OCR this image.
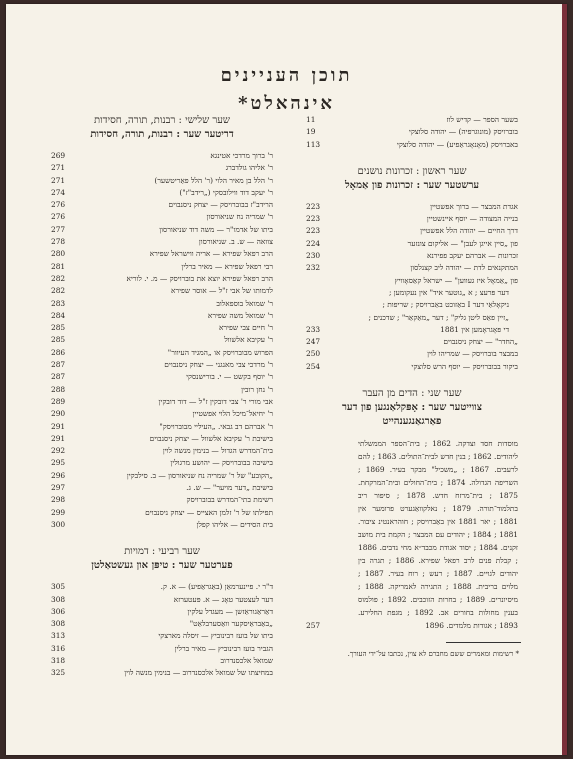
תוכן העניינים
אינהאלט*
בשער הספר — קדיש לוז
11
בוברויסק (מונוגרפיה) — יהודה סלוצקי
19
באברויסק (מאָנאָגראַפיע) — יהודה סלוצקי
113
שער ראשון : זכרונות נושנים
ערשטער שער : זכרונות פון אַמאָל
אגדת המבצר — ברוך אפשטיין
223
בנייה המצודה — יוסף איינשטיין
223
דרך החיים — יהודה הלל אפשטיין
223
פון „סיין אייגן לעבן" — אליקום צונזער
224
זכרונות — אברהם יעקב פפירנא
230
המתקנאים לדת — יהודה ליב קצנלסון
232
פון „אַמאָל איז געווען" — ישראל קאַסאָוויץ
דער פּרעצ ; א „גוטער איד" אין נעקומען ;
ניקאָלאַי דער I באַזוכט באַברויסק ; שריפות ;
„זיין פאַס ליטן גליק" ; דער „מאַקאַר" ; שדכנים ;
די פּאָגראָמען אין 1881
233
„החדר" — יצחק ניסנבוים
247
במבצר בוברויסק — שמריהו לוין
250
ביקור בבוברויסק — יוסף הרש סלוצקי
254
שער שני : הדים מן העבר
צווייטער שער : אָפּקלאַנגען פון דער
פאַרגאַנגענהייט
מוסדות חסד וצדקה. 1862 ; בית־הספר הממשלתי ליהודים. 1862 ; בנין חדש לבית־התולים. 1863 ; להם לרעבים. 1867 ; „משכיל" מבקר בעיר. 1869 ; השריפה הגדולה. 1874 ; בית־החולים ובית־המרקחת. 1875 ; בית־מרזח חדש. 1878 ; סיפור ריב בתלמוד־תורה. 1879 ; נאלקוואַגערט פרומער אין 1881 ; יאר 1881 אין באַברויסק ; חוהראנטינ ציבור. 1881 ; 1884 ; יהודים עם המבצר ; הקמת בית מושב זקנים. 1884 ; יסוד אגודת מכבד״א מחי נדבים. 1886 ; קבלת פנים לרב רפאל שפירא. 1886 ; תגרה בין יהודים לגויים. 1887 ; רעש ; רוח בעיר. 1887 ; מלוים בריבית. 1888 ; התגירה לאמריקה. 1888 ; מיסיונרים. 1889 ; בחרות הזוכבים. 1892 ; פולמוס בענין מחולות בחורים אב. 1892 ; מגפת החלירע. 1893 ; אגודות מלמדים. 1896
257
שער שלישי : רבנות, תורה, חסידות
דריטער שער : רבנות, תורה, חסידות
ר' ברוך מרדכי אטינגא
269
ר' אליהו גולדברג
271
ר' הלל בן מאיר הלוי (ר' הלל פאַריטשער)
271
ר' יעקב דוד ווילובסקי („רידב"ז")
274
הרידב"ז בבוברויסק — יצחק ניסנבוים
276
ר' שמריה נח שניאורסון
276
ביתו של אדמו"ר — משה דוד שניאורסון
277
צוואה — ש. ב. שניאורסון
278
הרב רפאל שפירא — אריה ווישראל שפירא
280
רבי רפאל שפירא — מאיר ברלין
281
הרב רפאל שפירא יוצא את בוברויסק — מ. י. לוריא
282
לדמותו של אבי ז"ל — אוסר שפירא
282
ר' שמואל בוספאלוב
283
ר' שמואל משה שפירא
284
ר' חיים צבי שפירא
285
ר' עקיבא אלשוול
285
הפרוש מבוברויסק או „המגיד העיוור"
286
ר' מרדכי צבי מאנגני — יצחק ניסנבוים
287
ר' יוסף בקשט — י. בורישנסקי
287
ר' נחן רובין
288
אבי מורי ר' צבי דובקין ז"ל — דוד דובקין
289
ר' יחיאל־מיכל הלוי אפשטיין
290
ר' אברהם דב גבאי. „העיליי מבוברויסק"
291
בישיבת ר' עקיבא אלשוול — יצחק ניסנבוים
291
בית־המדרש הגדול — בנימין מנשה לוין
292
בישיבה בבוברויסק — יהושע מרגולין
295
„הקובע" של ר' שמריה נח שניאורסון — ב. סילבקין
296
בישיבת „דער מויער" — ש. ג.
297
רשימת בתי־המדרש בבוברויסק
298
תפילתו של ר' זלמן האצייס — יצחק ניסנבוים
299
בית הסידים — אליהו קפלן
300
שער רביעי : דמויות
פערטער שער : טיפּן און געשטאַלטן
ד"ר י. פיינערמאַן (באַגראַפיע) — א. ק.
305
דער לעצטער טאָג — א. פּעטערזא
308
דאַראַגוראַזשן — מעגדל עלקין
306
„באַבראַיסקער וואַסערבלאַט"
308
ביתו של בועז רבינוביץ — זיסלה מארצקי
313
הגביר בועז רבינוביץ — מאיר ברלין
316
שמואל אלכסנדרוב
318
במחיצתו של שמואל אלכסנדרוב — בנימין מנשה לוין
325
* רשימות ומאמרים ששם מחברם לא צוין, נכתבו על־ידי העורך.
